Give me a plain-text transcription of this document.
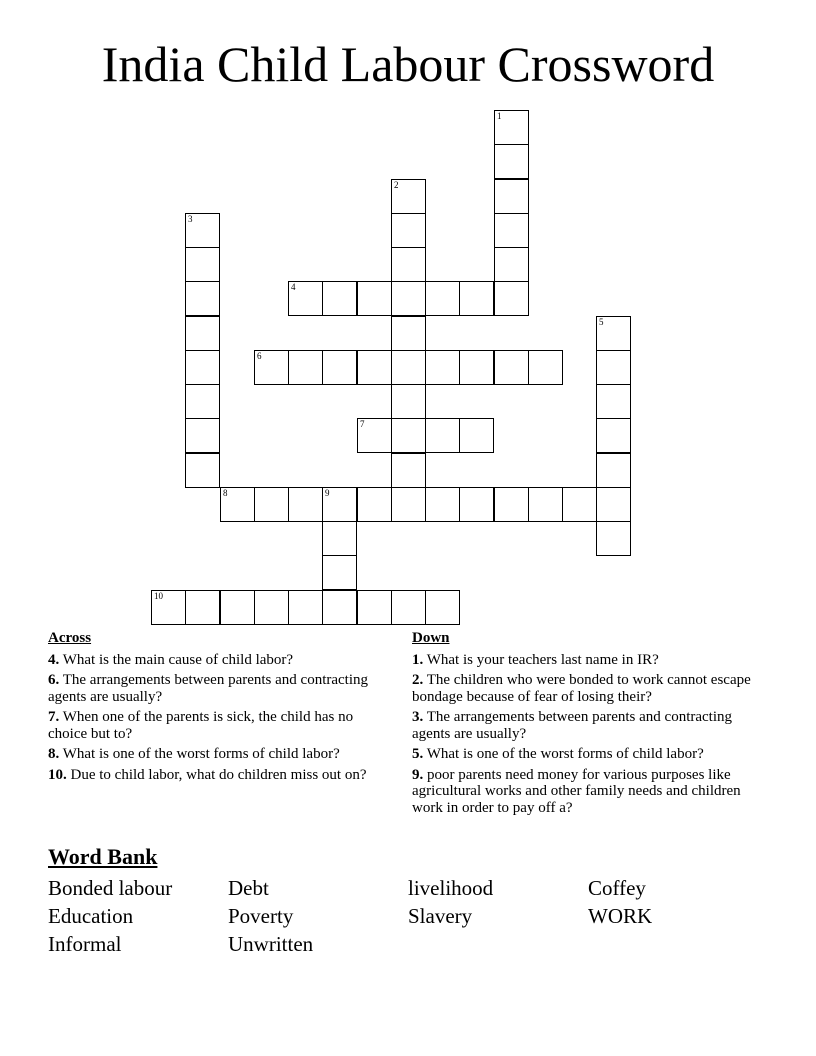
India Child Labour Crossword
1
2
3
4
5
6
7
8	9
10
Across
4. What is the main cause of child labor?
6. The arrangements between parents and contracting agents are usually?
7. When one of the parents is sick, the child has no choice but to?
8. What is one of the worst forms of child labor?
10. Due to child labor, what do children miss out on?
Down
1. What is your teachers last name in IR?
2. The children who were bonded to work cannot escape bondage because of fear of losing their?
3. The arrangements between parents and contracting agents are usually?
5. What is one of the worst forms of child labor?
9. poor parents need money for various purposes like agricultural works and other family needs and children work in order to pay off a?
Word Bank
Bonded labour	Debt	livelihood	Coffey
Education	Poverty	Slavery	WORK
Informal	Unwritten
